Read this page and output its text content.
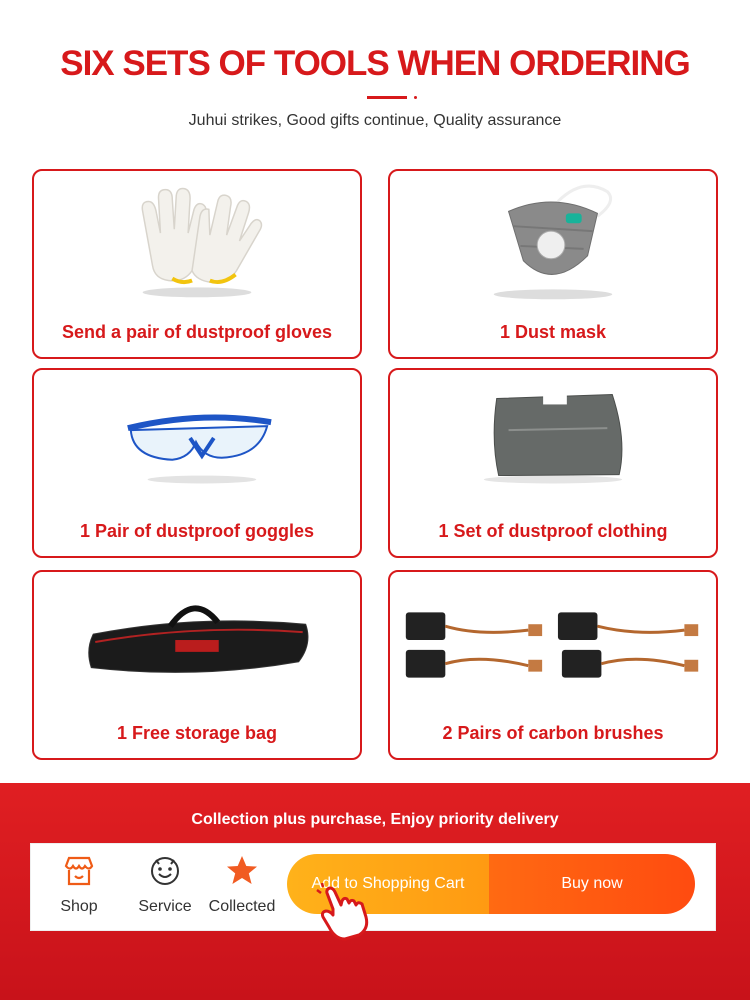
SIX SETS OF TOOLS WHEN ORDERING
Juhui strikes, Good gifts continue, Quality assurance
Send a pair of dustproof gloves	1 Dust mask
1 Pair of dustproof goggles	1 Set of dustproof clothing
1 Free storage bag	2 Pairs of carbon brushes
Collection plus purchase, Enjoy priority delivery
Shop	Service	Collected
Add to Shopping Cart	Buy now
